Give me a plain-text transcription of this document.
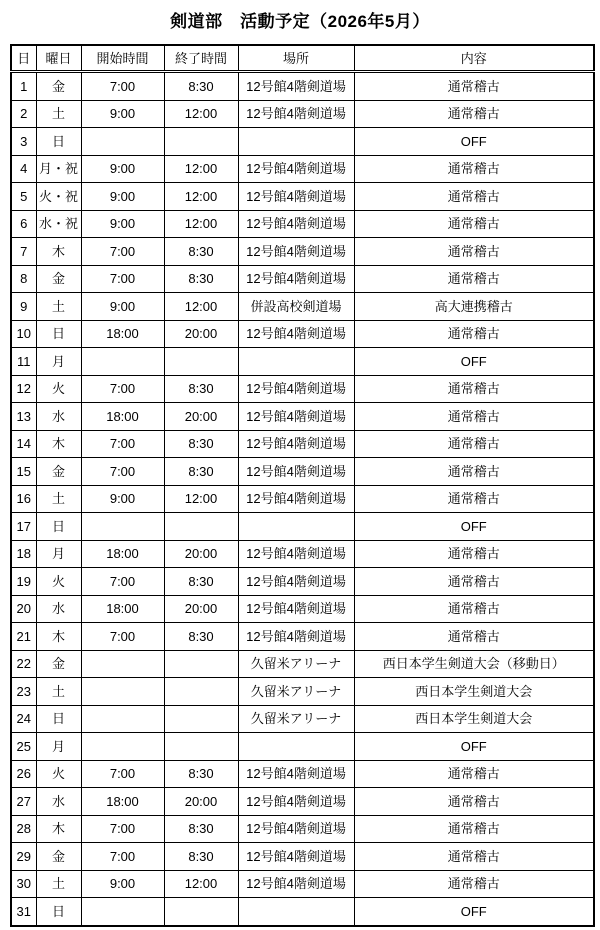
剣道部　活動予定（2026年5月）
日	曜日	開始時間	終了時間	場所	内容
1	金	7:00	8:30	12号館4階剣道場	通常稽古
2	土	9:00	12:00	12号館4階剣道場	通常稽古
3	日				OFF
4	月・祝	9:00	12:00	12号館4階剣道場	通常稽古
5	火・祝	9:00	12:00	12号館4階剣道場	通常稽古
6	水・祝	9:00	12:00	12号館4階剣道場	通常稽古
7	木	7:00	8:30	12号館4階剣道場	通常稽古
8	金	7:00	8:30	12号館4階剣道場	通常稽古
9	土	9:00	12:00	併設高校剣道場	高大連携稽古
10	日	18:00	20:00	12号館4階剣道場	通常稽古
11	月				OFF
12	火	7:00	8:30	12号館4階剣道場	通常稽古
13	水	18:00	20:00	12号館4階剣道場	通常稽古
14	木	7:00	8:30	12号館4階剣道場	通常稽古
15	金	7:00	8:30	12号館4階剣道場	通常稽古
16	土	9:00	12:00	12号館4階剣道場	通常稽古
17	日				OFF
18	月	18:00	20:00	12号館4階剣道場	通常稽古
19	火	7:00	8:30	12号館4階剣道場	通常稽古
20	水	18:00	20:00	12号館4階剣道場	通常稽古
21	木	7:00	8:30	12号館4階剣道場	通常稽古
22	金			久留米アリーナ	西日本学生剣道大会（移動日）
23	土			久留米アリーナ	西日本学生剣道大会
24	日			久留米アリーナ	西日本学生剣道大会
25	月				OFF
26	火	7:00	8:30	12号館4階剣道場	通常稽古
27	水	18:00	20:00	12号館4階剣道場	通常稽古
28	木	7:00	8:30	12号館4階剣道場	通常稽古
29	金	7:00	8:30	12号館4階剣道場	通常稽古
30	土	9:00	12:00	12号館4階剣道場	通常稽古
31	日				OFF
